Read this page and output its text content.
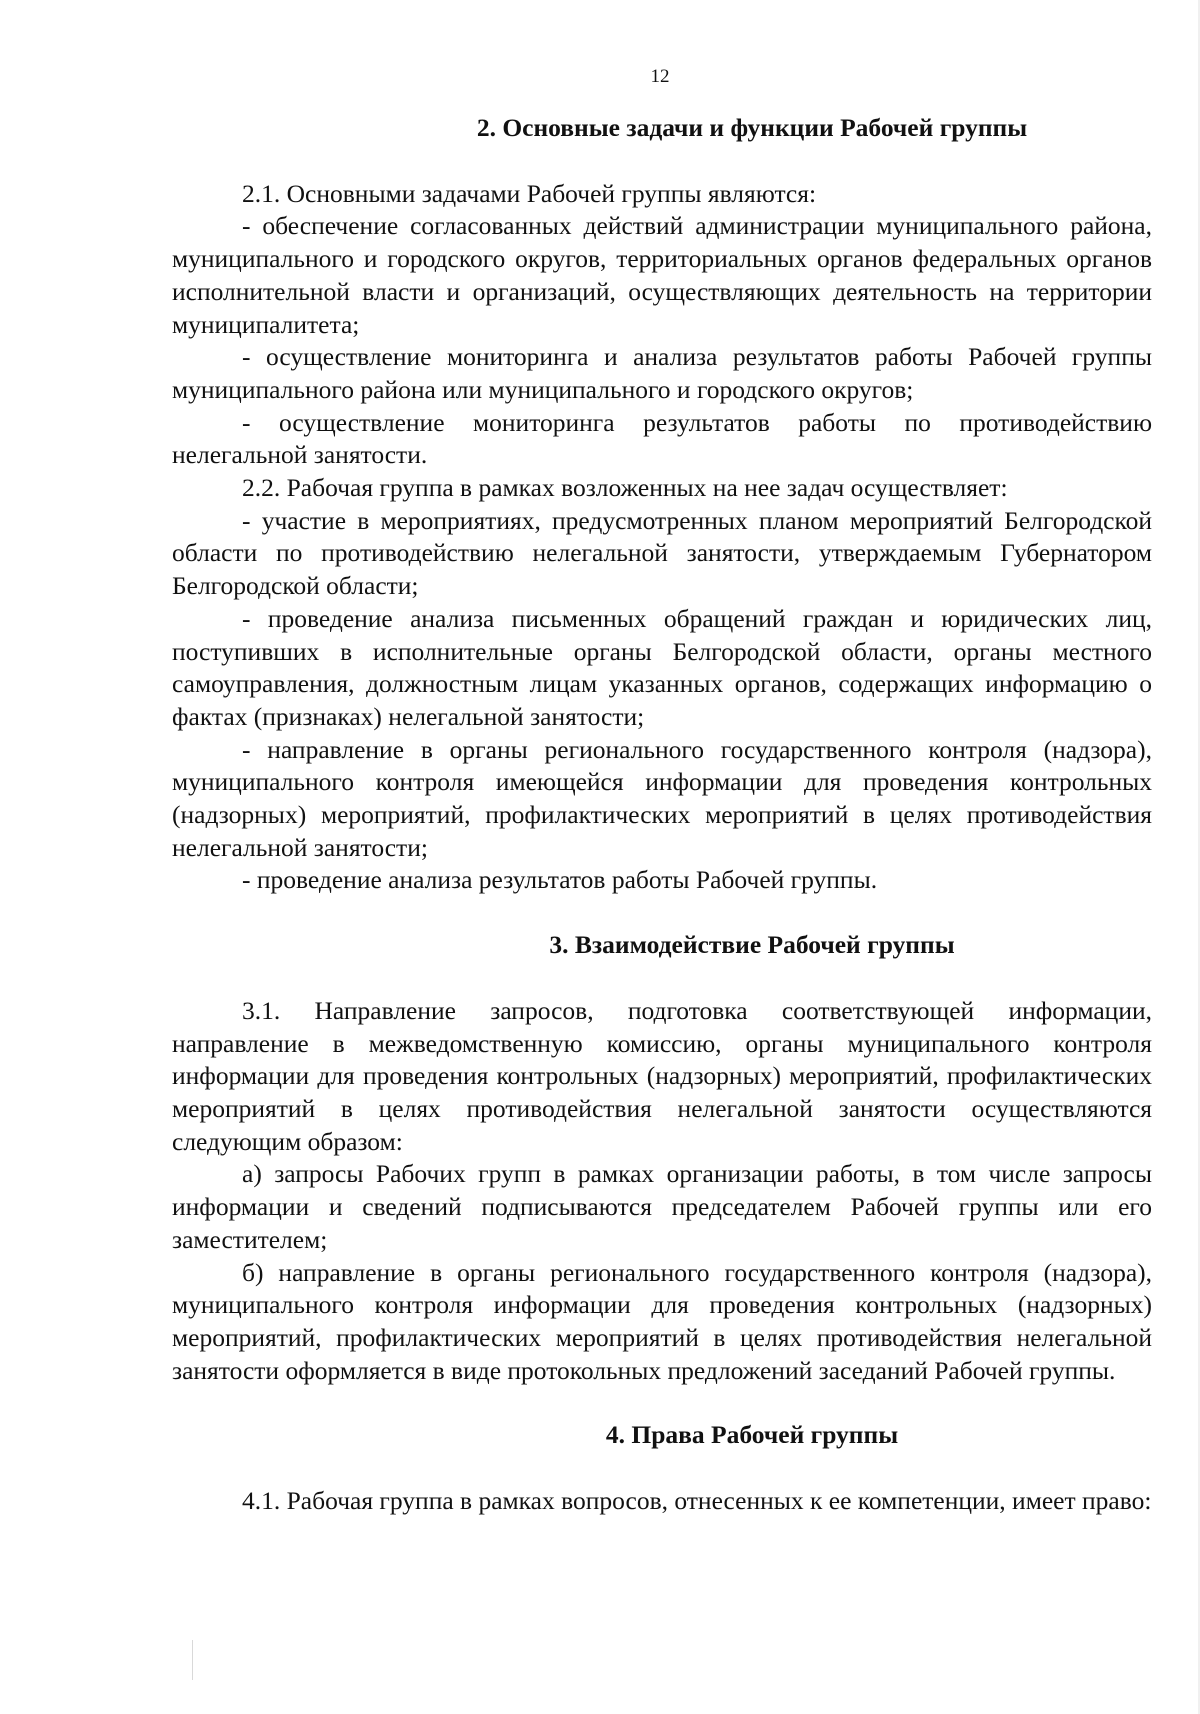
12
2. Основные задачи и функции Рабочей группы

2.1. Основными задачами Рабочей группы являются:

- обеспечение согласованных действий администрации муниципального района, муниципального и городского округов, территориальных органов федеральных органов исполнительной власти и организаций, осуществляющих деятельность на территории муниципалитета;

- осуществление мониторинга и анализа результатов работы Рабочей группы муниципального района или муниципального и городского округов;

- осуществление мониторинга результатов работы по противодействию нелегальной занятости.

2.2. Рабочая группа в рамках возложенных на нее задач осуществляет:

- участие в мероприятиях, предусмотренных планом мероприятий Белгородской области по противодействию нелегальной занятости, утверждаемым Губернатором Белгородской области;

- проведение анализа письменных обращений граждан и юридических лиц, поступивших в исполнительные органы Белгородской области, органы местного самоуправления, должностным лицам указанных органов, содержащих информацию о фактах (признаках) нелегальной занятости;

- направление в органы регионального государственного контроля (надзора), муниципального контроля имеющейся информации для проведения контрольных (надзорных) мероприятий, профилактических мероприятий в целях противодействия нелегальной занятости;

- проведение анализа результатов работы Рабочей группы.

3. Взаимодействие Рабочей группы

3.1. Направление запросов, подготовка соответствующей информации, направление в межведомственную комиссию, органы муниципального контроля информации для проведения контрольных (надзорных) мероприятий, профилактических мероприятий в целях противодействия нелегальной занятости осуществляются следующим образом:

а) запросы Рабочих групп в рамках организации работы, в том числе запросы информации и сведений подписываются председателем Рабочей группы или его заместителем;

б) направление в органы регионального государственного контроля (надзора), муниципального контроля информации для проведения контрольных (надзорных) мероприятий, профилактических мероприятий в целях противодействия нелегальной занятости оформляется в виде протокольных предложений заседаний Рабочей группы.

4. Права Рабочей группы

4.1. Рабочая группа в рамках вопросов, отнесенных к ее компетенции, имеет право:
